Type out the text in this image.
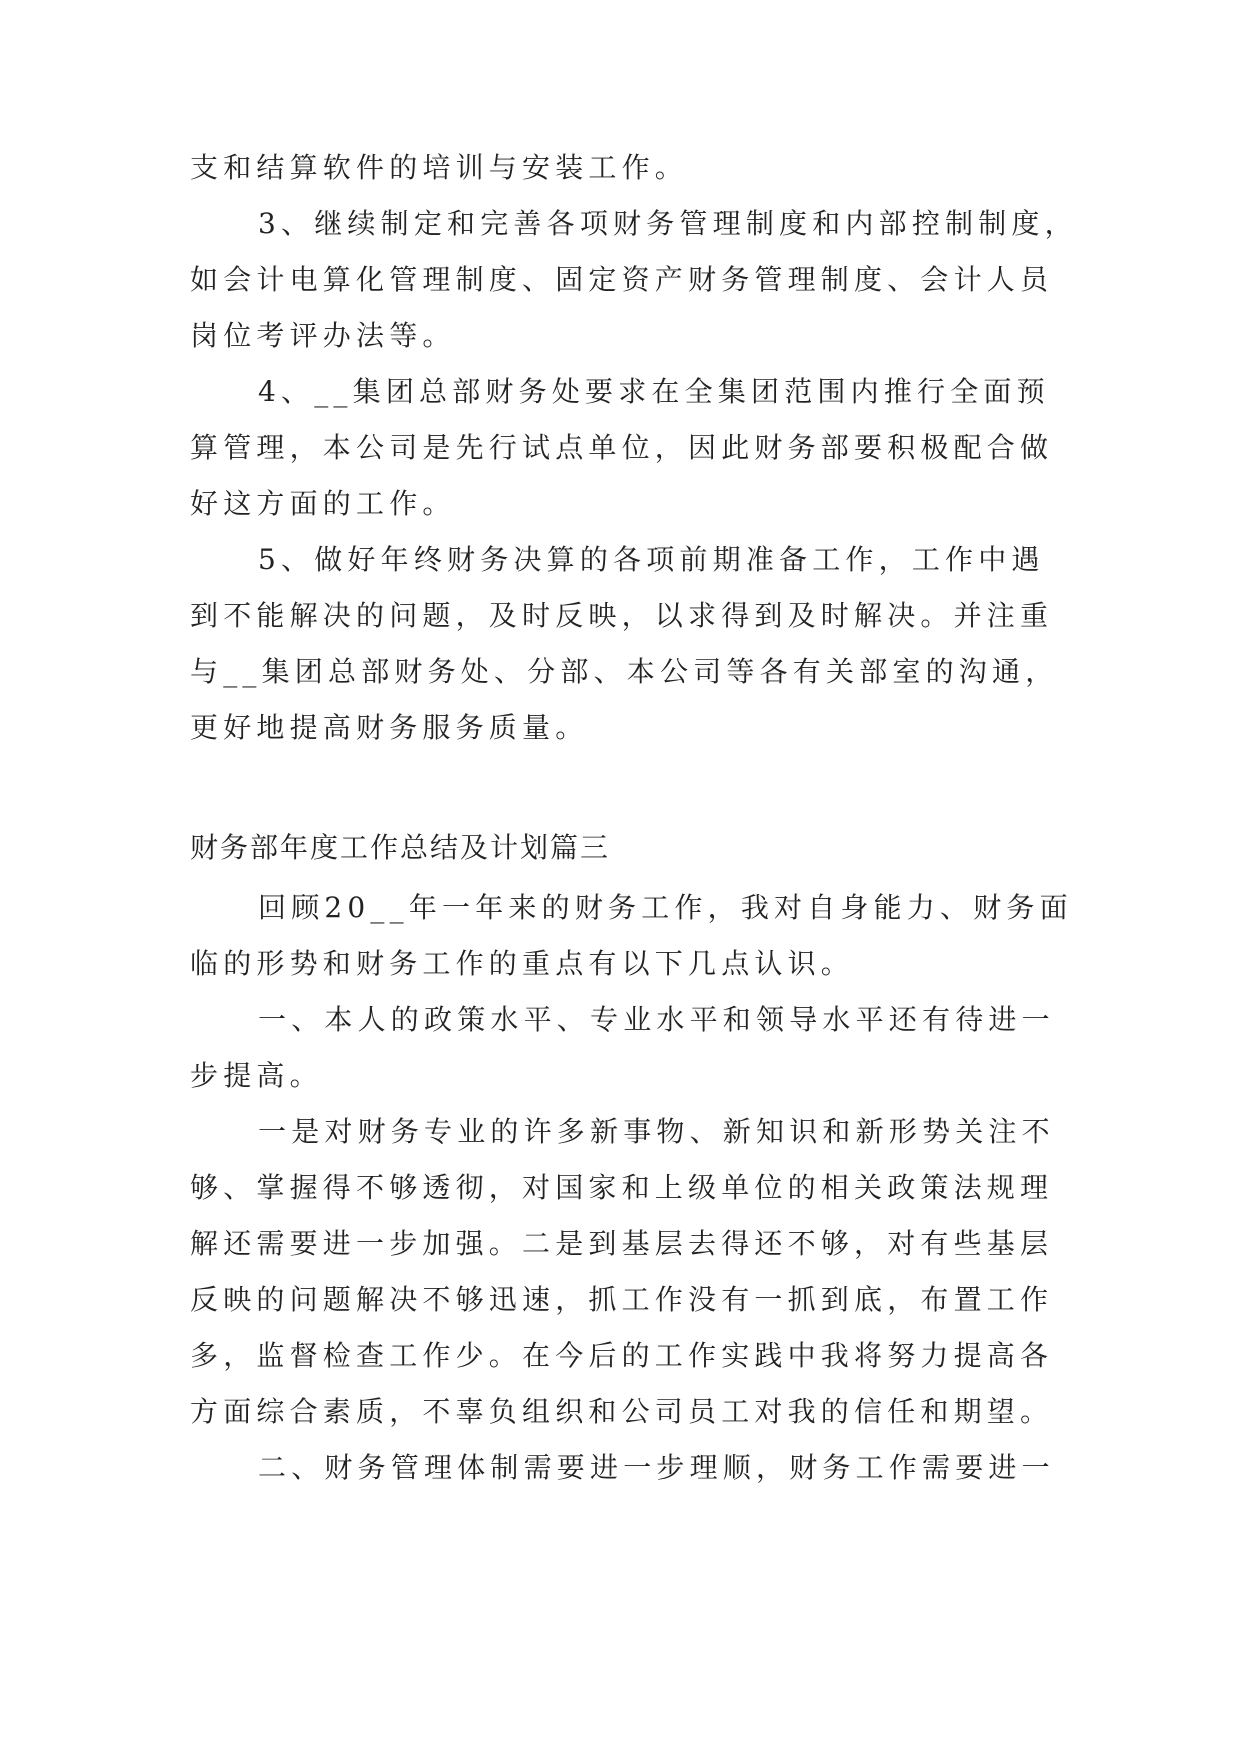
支和结算软件的培训与安装工作。
3、继续制定和完善各项财务管理制度和内部控制制度，
如会计电算化管理制度、固定资产财务管理制度、会计人员
岗位考评办法等。
4、__集团总部财务处要求在全集团范围内推行全面预
算管理，本公司是先行试点单位，因此财务部要积极配合做
好这方面的工作。
5、做好年终财务决算的各项前期准备工作，工作中遇
到不能解决的问题，及时反映，以求得到及时解决。并注重
与__集团总部财务处、分部、本公司等各有关部室的沟通，
更好地提高财务服务质量。
财务部年度工作总结及计划篇三
回顾20__年一年来的财务工作，我对自身能力、财务面
临的形势和财务工作的重点有以下几点认识。
一、本人的政策水平、专业水平和领导水平还有待进一
步提高。
一是对财务专业的许多新事物、新知识和新形势关注不
够、掌握得不够透彻，对国家和上级单位的相关政策法规理
解还需要进一步加强。二是到基层去得还不够，对有些基层
反映的问题解决不够迅速，抓工作没有一抓到底，布置工作
多，监督检查工作少。在今后的工作实践中我将努力提高各
方面综合素质，不辜负组织和公司员工对我的信任和期望。
二、财务管理体制需要进一步理顺，财务工作需要进一
